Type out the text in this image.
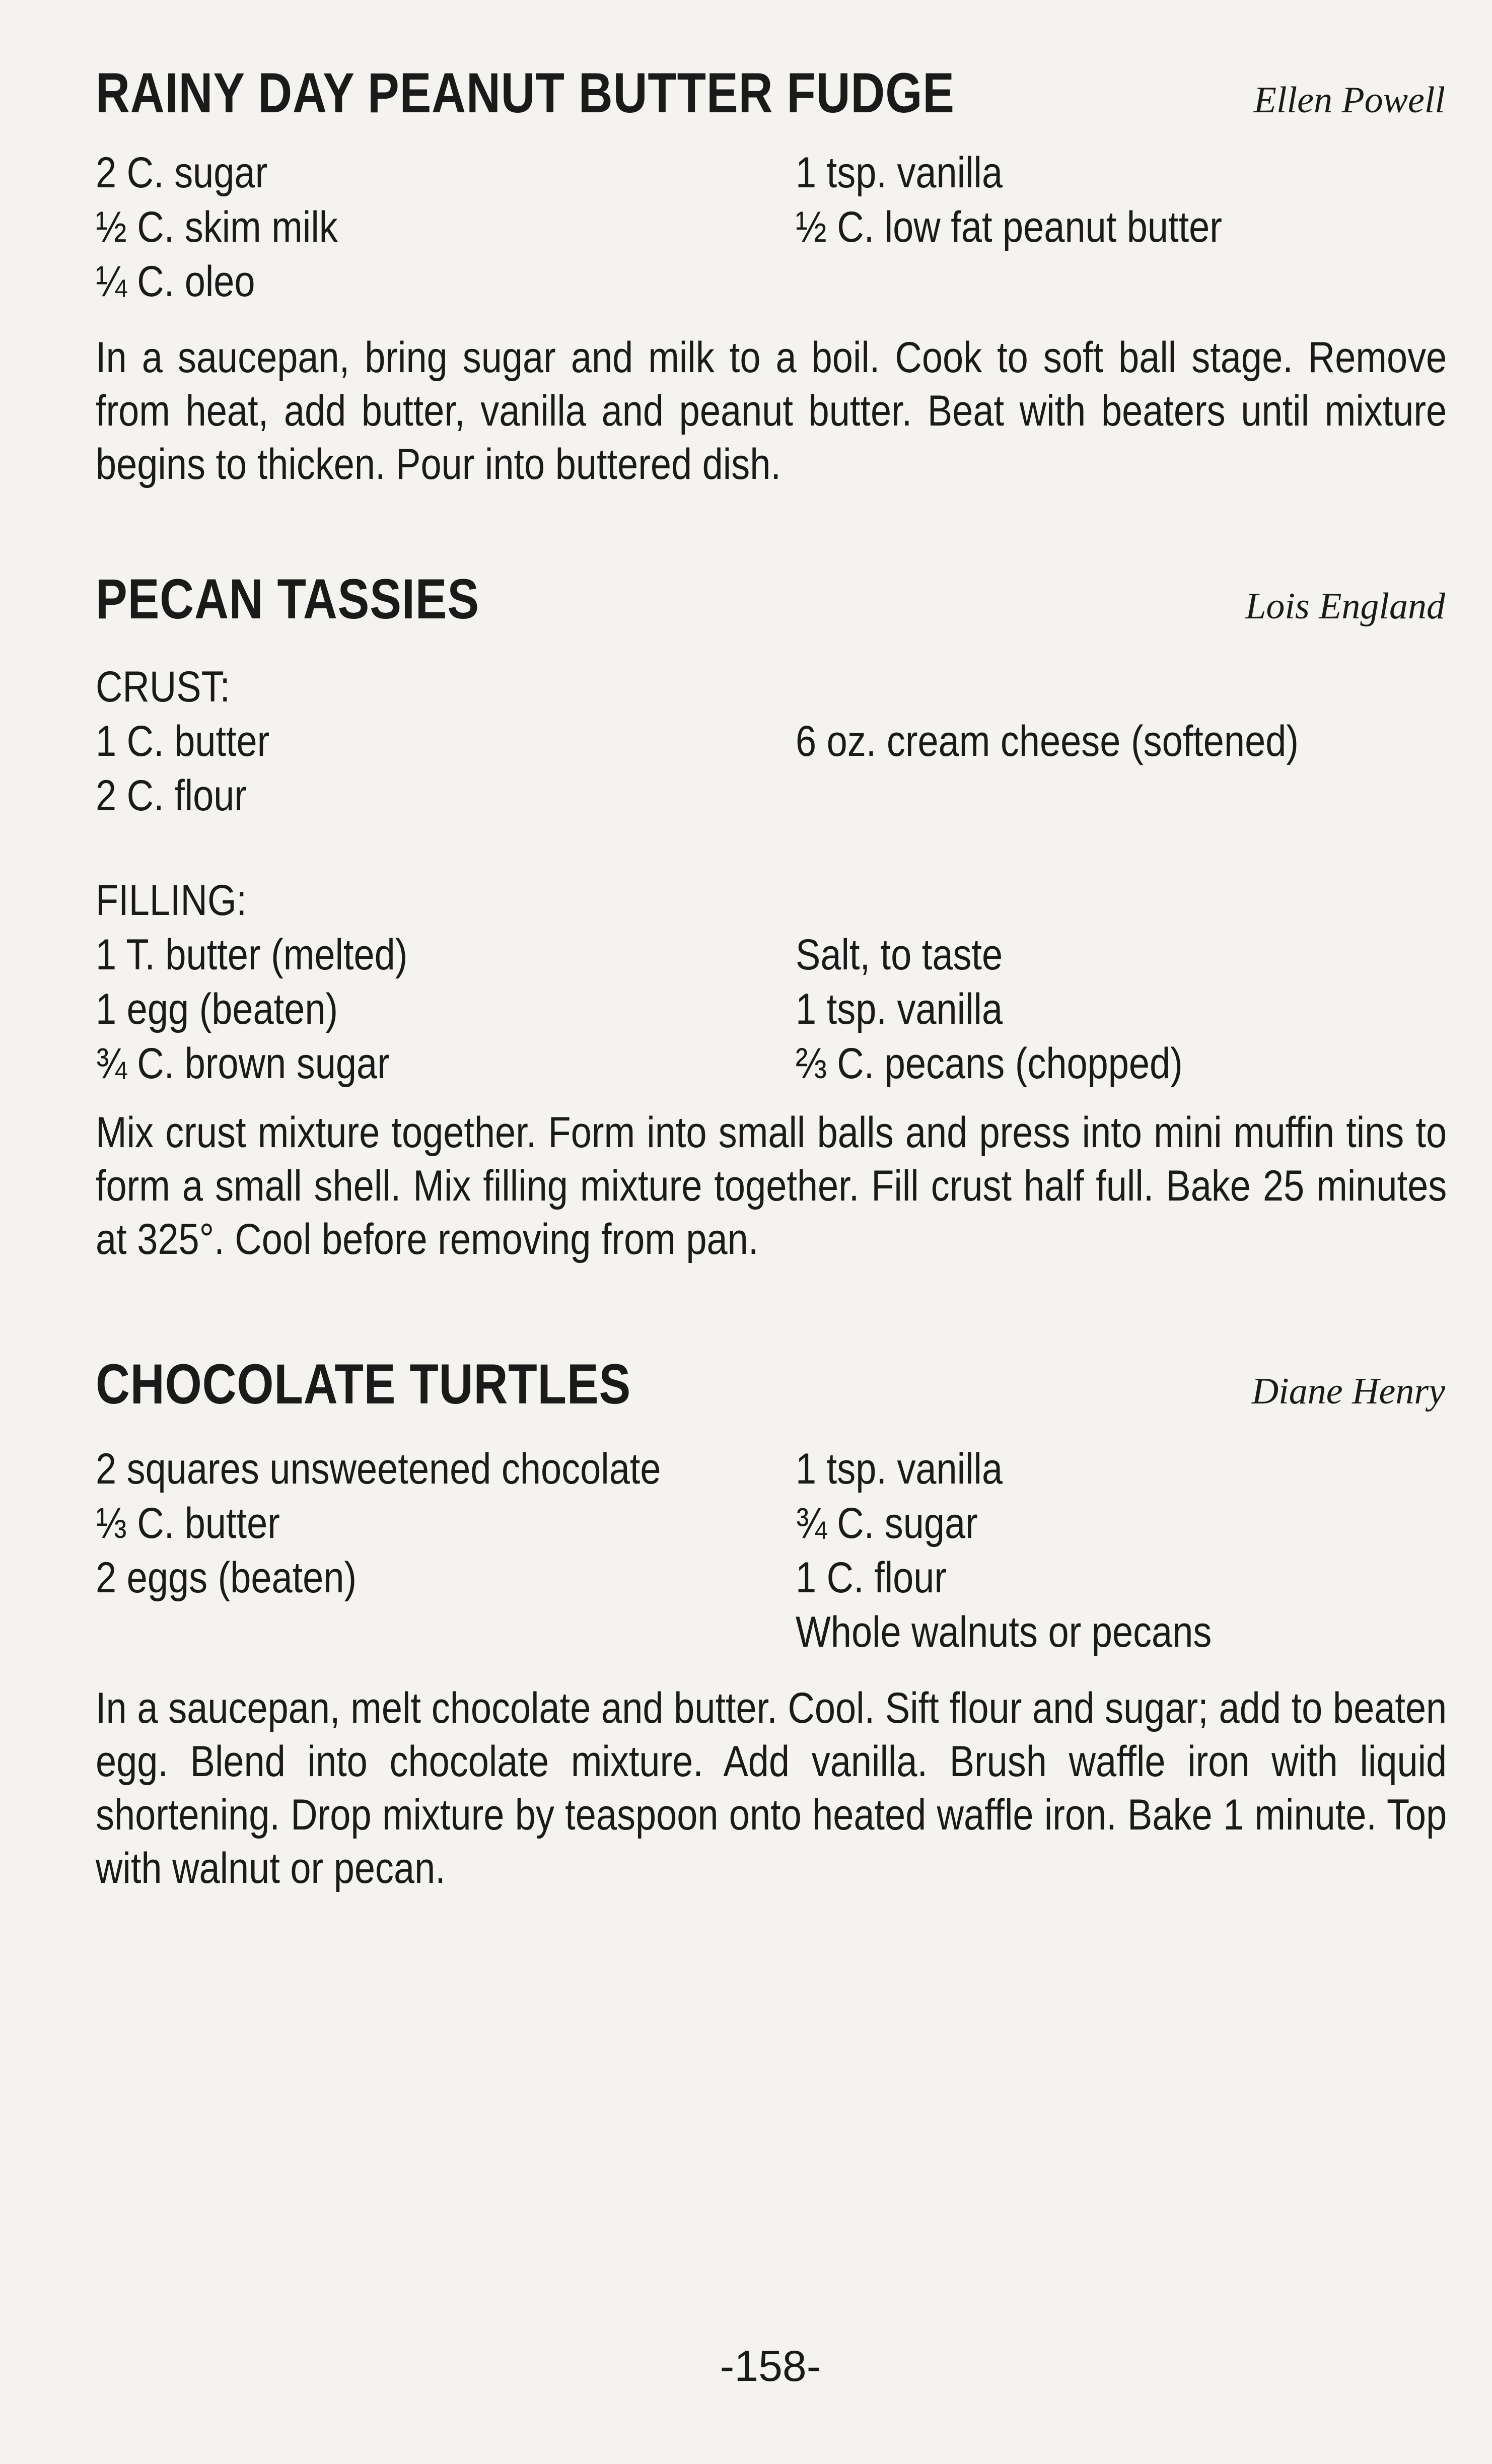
RAINY DAY PEANUT BUTTER FUDGE	Ellen Powell
2 C. sugar
½ C. skim milk
¼ C. oleo
1 tsp. vanilla
½ C. low fat peanut butter
In a saucepan, bring sugar and milk to a boil. Cook to soft ball stage. Remove from heat, add butter, vanilla and peanut butter. Beat with beaters until mixture begins to thicken. Pour into buttered dish.
PECAN TASSIES	Lois England
CRUST:
1 C. butter
2 C. flour
6 oz. cream cheese (softened)
FILLING:
1 T. butter (melted)
1 egg (beaten)
¾ C. brown sugar
Salt, to taste
1 tsp. vanilla
⅔ C. pecans (chopped)
Mix crust mixture together. Form into small balls and press into mini muffin tins to form a small shell. Mix filling mixture together. Fill crust half full. Bake 25 minutes at 325°. Cool before removing from pan.
CHOCOLATE TURTLES	Diane Henry
2 squares unsweetened chocolate
⅓ C. butter
2 eggs (beaten)
1 tsp. vanilla
¾ C. sugar
1 C. flour
Whole walnuts or pecans
In a saucepan, melt chocolate and butter. Cool. Sift flour and sugar; add to beaten egg. Blend into chocolate mixture. Add vanilla. Brush waffle iron with liquid shortening. Drop mixture by teaspoon onto heated waffle iron. Bake 1 minute. Top with walnut or pecan.
-158-
